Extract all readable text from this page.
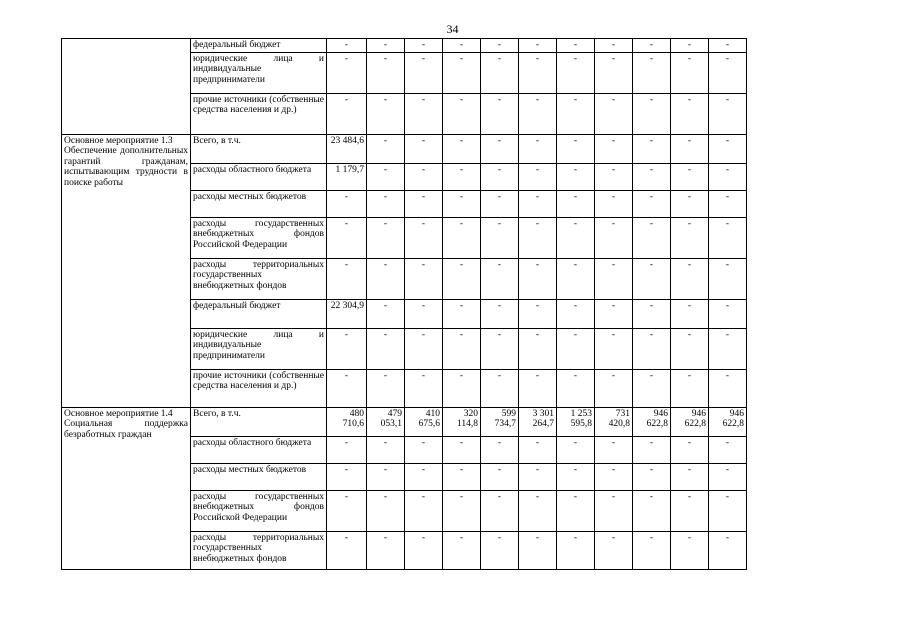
34
	федеральный бюджет	-	-	-	-	-	-	-	-	-	-	-
	юридические лица и индивидуальные предприниматели	-	-	-	-	-	-	-	-	-	-	-
	прочие источники (собственные средства населения и др.)	-	-	-	-	-	-	-	-	-	-	-

Основное мероприятие 1.3
Обеспечение дополнительных гарантий гражданам, испытывающим трудности в поиске работы	Всего, в т.ч.	23 484,6	-	-	-	-	-	-	-	-	-	-
	расходы областного бюджета	1 179,7	-	-	-	-	-	-	-	-	-	-
	расходы местных бюджетов	-	-	-	-	-	-	-	-	-	-	-
	расходы государственных внебюджетных фондов Российской Федерации	-	-	-	-	-	-	-	-	-	-	-
	расходы территориальных государственных внебюджетных фондов	-	-	-	-	-	-	-	-	-	-	-
	федеральный бюджет	22 304,9	-	-	-	-	-	-	-	-	-	-
	юридические лица и индивидуальные предприниматели	-	-	-	-	-	-	-	-	-	-	-
	прочие источники (собственные средства населения и др.)	-	-	-	-	-	-	-	-	-	-	-

Основное мероприятие 1.4
Социальная поддержка безработных граждан	Всего, в т.ч.	480 710,6	479 053,1	410 675,6	320 114,8	599 734,7	3 301 264,7	1 253 595,8	731 420,8	946 622,8	946 622,8	946 622,8
	расходы областного бюджета	-	-	-	-	-	-	-	-	-	-	-
	расходы местных бюджетов	-	-	-	-	-	-	-	-	-	-	-
	расходы государственных внебюджетных фондов Российской Федерации	-	-	-	-	-	-	-	-	-	-	-
	расходы территориальных государственных внебюджетных фондов	-	-	-	-	-	-	-	-	-	-	-
